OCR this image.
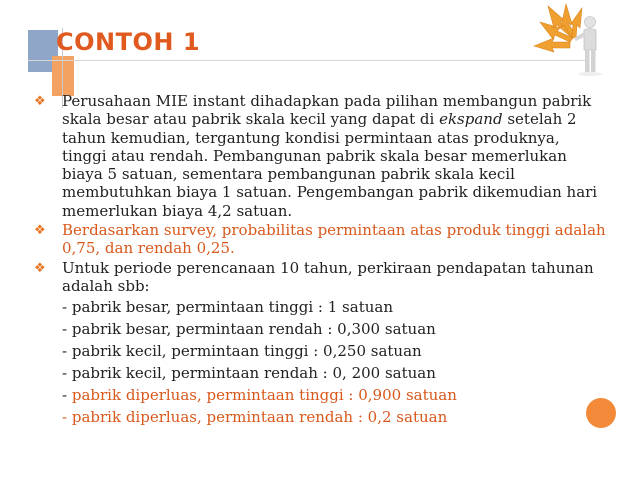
CONTOH 1
❖	Perusahaan MIE instant dihadapkan pada pilihan membangun pabrik skala besar atau pabrik skala kecil yang dapat di ekspand setelah 2 tahun kemudian, tergantung kondisi permintaan atas produknya, tinggi atau rendah. Pembangunan pabrik skala besar memerlukan biaya 5 satuan, sementara pembangunan pabrik skala kecil membutuhkan biaya 1 satuan. Pengembangan pabrik dikemudian hari memerlukan biaya 4,2 satuan.
❖	Berdasarkan survey, probabilitas permintaan atas produk tinggi adalah 0,75, dan rendah 0,25.
❖	Untuk periode perencanaan 10 tahun, perkiraan pendapatan tahunan adalah sbb:
- pabrik besar, permintaan tinggi : 1 satuan
- pabrik besar, permintaan rendah : 0,300 satuan
- pabrik kecil, permintaan tinggi : 0,250 satuan
- pabrik kecil, permintaan rendah : 0, 200 satuan
- pabrik diperluas, permintaan tinggi : 0,900 satuan
- pabrik diperluas, permintaan rendah : 0,2 satuan
